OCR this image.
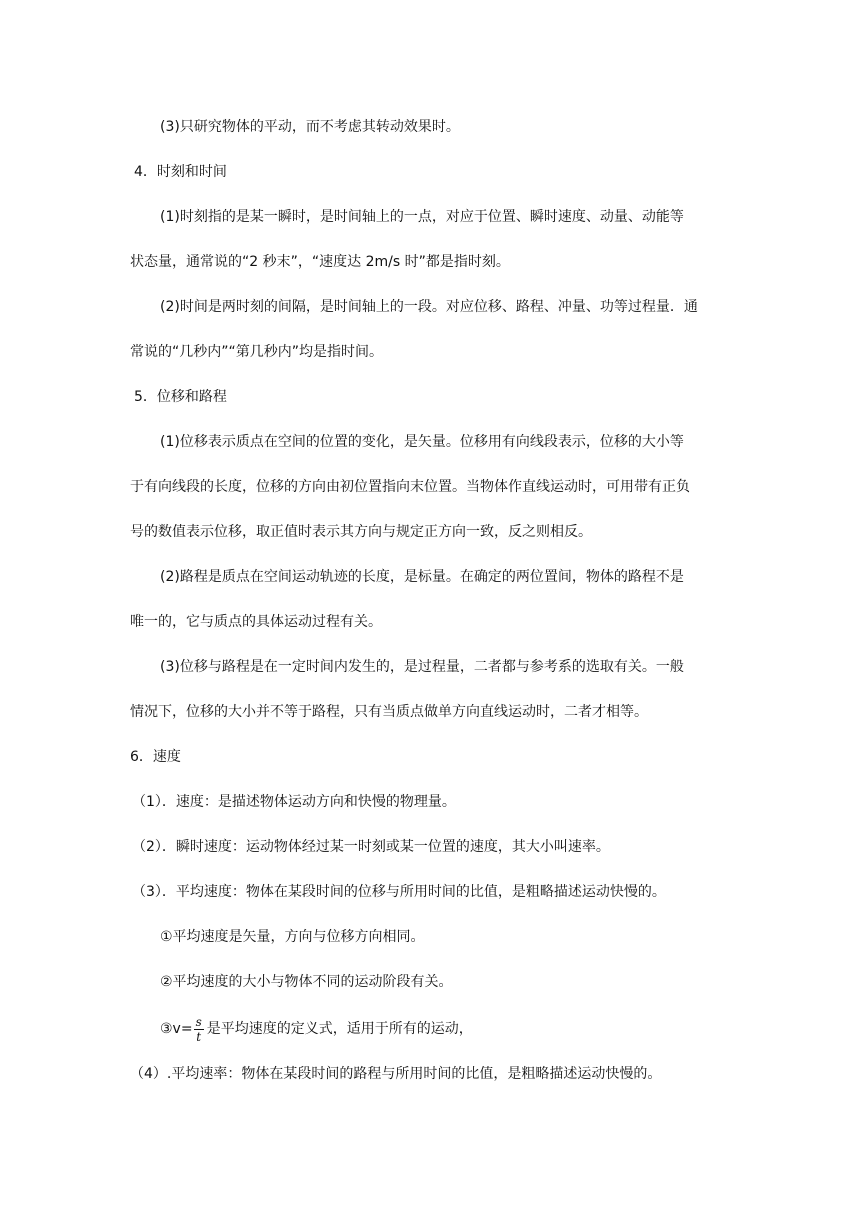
(3)只研究物体的平动，而不考虑其转动效果时。
4．时刻和时间
(1)时刻指的是某一瞬时，是时间轴上的一点，对应于位置、瞬时速度、动量、动能等
状态量，通常说的“2 秒末”，“速度达 2m/s 时”都是指时刻。
(2)时间是两时刻的间隔，是时间轴上的一段。对应位移、路程、冲量、功等过程量．通
常说的“几秒内”“第几秒内”均是指时间。
5．位移和路程
(1)位移表示质点在空间的位置的变化，是矢量。位移用有向线段表示，位移的大小等
于有向线段的长度，位移的方向由初位置指向末位置。当物体作直线运动时，可用带有正负
号的数值表示位移，取正值时表示其方向与规定正方向一致，反之则相反。
(2)路程是质点在空间运动轨迹的长度，是标量。在确定的两位置间，物体的路程不是
唯一的，它与质点的具体运动过程有关。
(3)位移与路程是在一定时间内发生的，是过程量，二者都与参考系的选取有关。一般
情况下，位移的大小并不等于路程，只有当质点做单方向直线运动时，二者才相等。
6．速度
（1）．速度：是描述物体运动方向和快慢的物理量。
（2）．瞬时速度：运动物体经过某一时刻或某一位置的速度，其大小叫速率。
（3）．平均速度：物体在某段时间的位移与所用时间的比值，是粗略描述运动快慢的。
①平均速度是矢量，方向与位移方向相同。
②平均速度的大小与物体不同的运动阶段有关。
③v= $\frac{s}{t}$ 是平均速度的定义式，适用于所有的运动，
（4）.平均速率：物体在某段时间的路程与所用时间的比值，是粗略描述运动快慢的。
